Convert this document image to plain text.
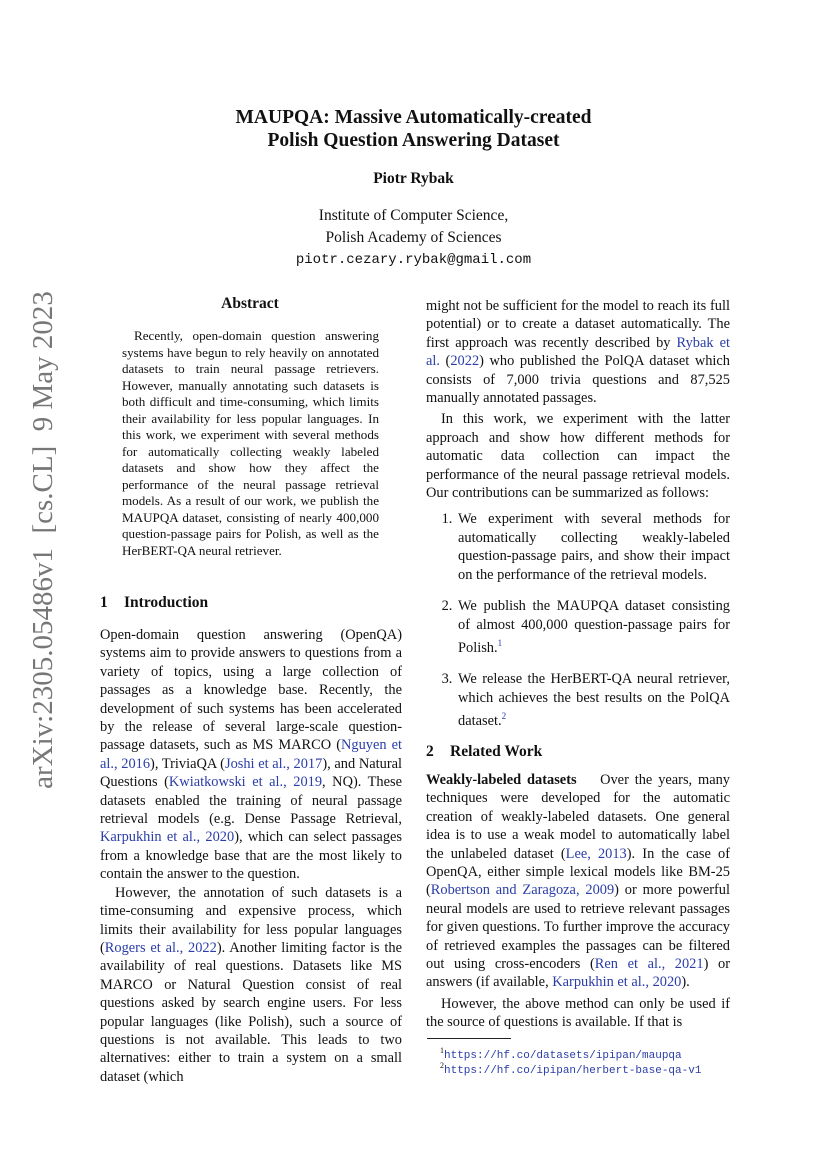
arXiv:2305.05486v1  [cs.CL]  9 May 2023
MAUPQA: Massive Automatically-created
Polish Question Answering Dataset
Piotr Rybak
Institute of Computer Science,
Polish Academy of Sciences
piotr.cezary.rybak@gmail.com
Abstract

Recently, open-domain question answering systems have begun to rely heavily on annotated datasets to train neural passage retrievers. However, manually annotating such datasets is both difficult and time-consuming, which limits their availability for less popular languages. In this work, we experiment with several methods for automatically collecting weakly labeled datasets and show how they affect the performance of the neural passage retrieval models. As a result of our work, we publish the MAUPQA dataset, consisting of nearly 400,000 question-passage pairs for Polish, as well as the HerBERT-QA neural retriever.

1 Introduction

Open-domain question answering (OpenQA) systems aim to provide answers to questions from a variety of topics, using a large collection of passages as a knowledge base. Recently, the development of such systems has been accelerated by the release of several large-scale question-passage datasets, such as MS MARCO (Nguyen et al., 2016), TriviaQA (Joshi et al., 2017), and Natural Questions (Kwiatkowski et al., 2019, NQ). These datasets enabled the training of neural passage retrieval models (e.g. Dense Passage Retrieval, Karpukhin et al., 2020), which can select passages from a knowledge base that are the most likely to contain the answer to the question.

However, the annotation of such datasets is a time-consuming and expensive process, which limits their availability for less popular languages (Rogers et al., 2022). Another limiting factor is the availability of real questions. Datasets like MS MARCO or Natural Question consist of real questions asked by search engine users. For less popular languages (like Polish), such a source of questions is not available. This leads to two alternatives: either to train a system on a small dataset (which

might not be sufficient for the model to reach its full potential) or to create a dataset automatically. The first approach was recently described by Rybak et al. (2022) who published the PolQA dataset which consists of 7,000 trivia questions and 87,525 manually annotated passages.

In this work, we experiment with the latter approach and show how different methods for automatic data collection can impact the performance of the neural passage retrieval models. Our contributions can be summarized as follows:

1. We experiment with several methods for automatically collecting weakly-labeled question-passage pairs, and show their impact on the performance of the retrieval models.
2. We publish the MAUPQA dataset consisting of almost 400,000 question-passage pairs for Polish.$^1$
3. We release the HerBERT-QA neural retriever, which achieves the best results on the PolQA dataset.$^2$
2 Related Work

Weakly-labeled datasets Over the years, many techniques were developed for the automatic creation of weakly-labeled datasets. One general idea is to use a weak model to automatically label the unlabeled dataset (Lee, 2013). In the case of OpenQA, either simple lexical models like BM-25 (Robertson and Zaragoza, 2009) or more powerful neural models are used to retrieve relevant passages for given questions. To further improve the accuracy of retrieved examples the passages can be filtered out using cross-encoders (Ren et al., 2021) or answers (if available, Karpukhin et al., 2020).

However, the above method can only be used if the source of questions is available. If that is

$^1$https://hf.co/datasets/ipipan/maupqa
$^2$https://hf.co/ipipan/herbert-base-qa-v1
